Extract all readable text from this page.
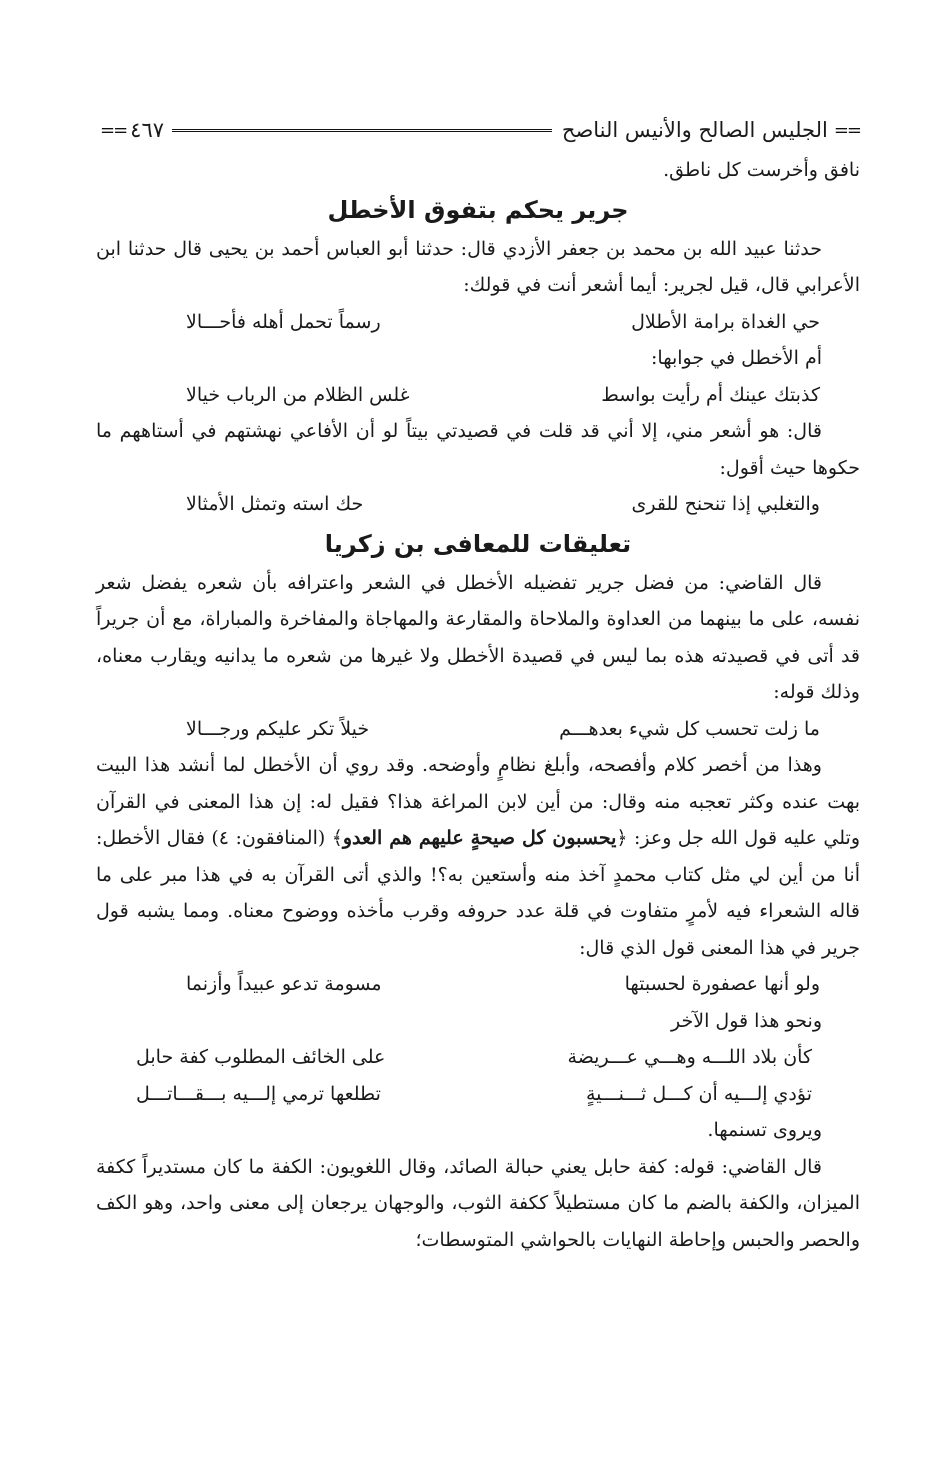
==
الجليس الصالح والأنيس الناصح
٤٦٧
==

نافق وأخرست كل ناطق.

جرير يحكم بتفوق الأخطل

حدثنا عبيد الله بن محمد بن جعفر الأزدي قال: حدثنا أبو العباس أحمد بن يحيى قال حدثنا ابن الأعرابي قال، قيل لجرير: أيما أشعر أنت في قولك:

حي الغداة برامة الأطلال
رسماً تحمل أهله فأحـــالا

أم الأخطل في جوابها:

كذبتك عينك أم رأيت بواسط
غلس الظلام من الرباب خيالا

قال: هو أشعر مني، إلا أني قد قلت في قصيدتي بيتاً لو أن الأفاعي نهشتهم في أستاههم ما حكوها حيث أقول:

والتغلبي إذا تنحنح للقرى
حك استه وتمثل الأمثالا
تعليقات للمعافى بن زكريا

قال القاضي: من فضل جرير تفضيله الأخطل في الشعر واعترافه بأن شعره يفضل شعر نفسه، على ما بينهما من العداوة والملاحاة والمقارعة والمهاجاة والمفاخرة والمباراة، مع أن جريراً قد أتى في قصيدته هذه بما ليس في قصيدة الأخطل ولا غيرها من شعره ما يدانيه ويقارب معناه، وذلك قوله:

ما زلت تحسب كل شيء بعدهـــم
خيلاً تكر عليكم ورجـــالا

وهذا من أخصر كلام وأفصحه، وأبلغ نظامٍ وأوضحه. وقد روي أن الأخطل لما أنشد هذا البيت بهت عنده وكثر تعجبه منه وقال: من أين لابن المراغة هذا؟ فقيل له: إن هذا المعنى في القرآن وتلي عليه قول الله جل وعز: ﴿يحسبون كل صيحةٍ عليهم هم العدو﴾ (المنافقون: ٤) فقال الأخطل: أنا من أين لي مثل كتاب محمدٍ آخذ منه وأستعين به؟! والذي أتى القرآن به في هذا مبر على ما قاله الشعراء فيه لأمرٍ متفاوت في قلة عدد حروفه وقرب مأخذه ووضوح معناه. ومما يشبه قول جرير في هذا المعنى قول الذي قال:

ولو أنها عصفورة لحسبتها
مسومة تدعو عبيداً وأزنما

ونحو هذا قول الآخر

كأن بلاد اللـــه وهـــي عـــريضة
على الخائف المطلوب كفة حابل
تؤدي إلـــيه أن كـــل ثـــنـــيةٍ
تطلعها ترمي إلـــيه بـــقـــاتـــل

ويروى تسنمها.

قال القاضي: قوله: كفة حابل يعني حبالة الصائد، وقال اللغويون: الكفة ما كان مستديراً ككفة الميزان، والكفة بالضم ما كان مستطيلاً ككفة الثوب، والوجهان يرجعان إلى معنى واحد، وهو الكف والحصر والحبس وإحاطة النهايات بالحواشي المتوسطات؛
